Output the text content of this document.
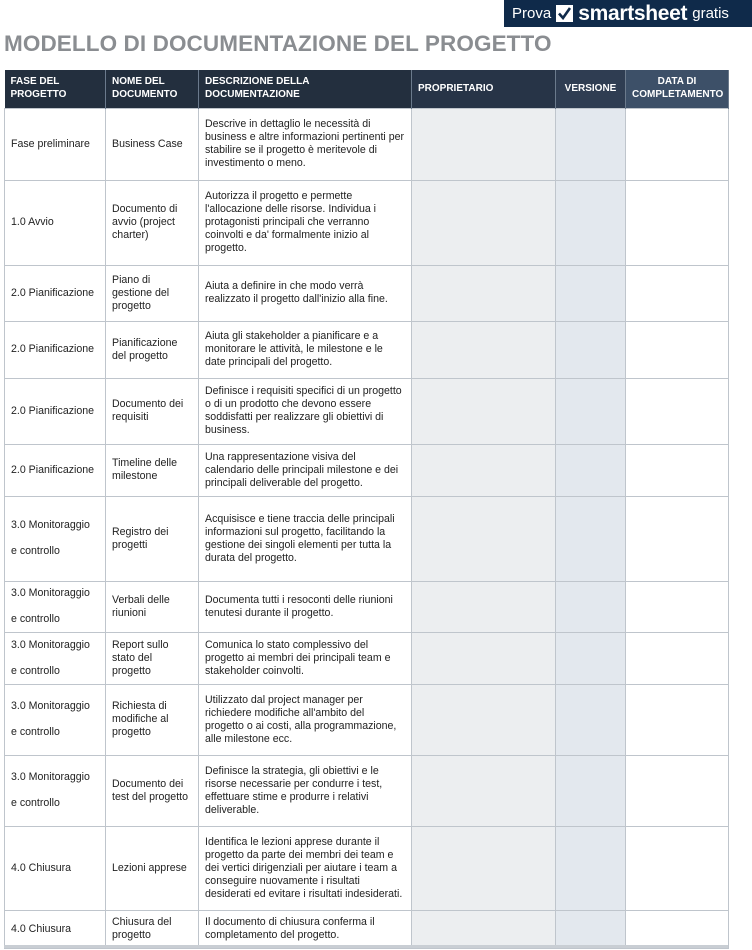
Prova smartsheet gratis
MODELLO DI DOCUMENTAZIONE DEL PROGETTO
FASE DEL PROGETTO	NOME DEL DOCUMENTO	DESCRIZIONE DELLA DOCUMENTAZIONE	PROPRIETARIO	VERSIONE	DATA DI COMPLETAMENTO

Fase preliminare	Business Case	Descrive in dettaglio le necessità di business e altre informazioni pertinenti per stabilire se il progetto è meritevole di investimento o meno.			

1.0 Avvio	Documento di avvio (project charter)	Autorizza il progetto e permette l'allocazione delle risorse. Individua i protagonisti principali che verranno coinvolti e da' formalmente inizio al progetto.			

2.0 Pianificazione	Piano di gestione del progetto	Aiuta a definire in che modo verrà realizzato il progetto dall'inizio alla fine.			

2.0 Pianificazione	Pianificazione del progetto	Aiuta gli stakeholder a pianificare e a monitorare le attività, le milestone e le date principali del progetto.			

2.0 Pianificazione	Documento dei requisiti	Definisce i requisiti specifici di un progetto o di un prodotto che devono essere soddisfatti per realizzare gli obiettivi di business.			

2.0 Pianificazione	Timeline delle milestone	Una rappresentazione visiva del calendario delle principali milestone e dei principali deliverable del progetto.			

3.0 Monitoraggio
e controllo	Registro dei progetti	Acquisisce e tiene traccia delle principali informazioni sul progetto, facilitando la gestione dei singoli elementi per tutta la durata del progetto.			

3.0 Monitoraggio
e controllo	Verbali delle riunioni	Documenta tutti i resoconti delle riunioni tenutesi durante il progetto.			

3.0 Monitoraggio
e controllo	Report sullo stato del progetto	Comunica lo stato complessivo del progetto ai membri dei principali team e stakeholder coinvolti.			

3.0 Monitoraggio
e controllo	Richiesta di modifiche al progetto	Utilizzato dal project manager per richiedere modifiche all'ambito del progetto o ai costi, alla programmazione, alle milestone ecc.			

3.0 Monitoraggio
e controllo	Documento dei test del progetto	Definisce la strategia, gli obiettivi e le risorse necessarie per condurre i test, effettuare stime e produrre i relativi deliverable.			

4.0 Chiusura	Lezioni apprese	Identifica le lezioni apprese durante il progetto da parte dei membri dei team e dei vertici dirigenziali per aiutare i team a conseguire nuovamente i risultati desiderati ed evitare i risultati indesiderati.			

4.0 Chiusura	Chiusura del progetto	Il documento di chiusura conferma il completamento del progetto.			
